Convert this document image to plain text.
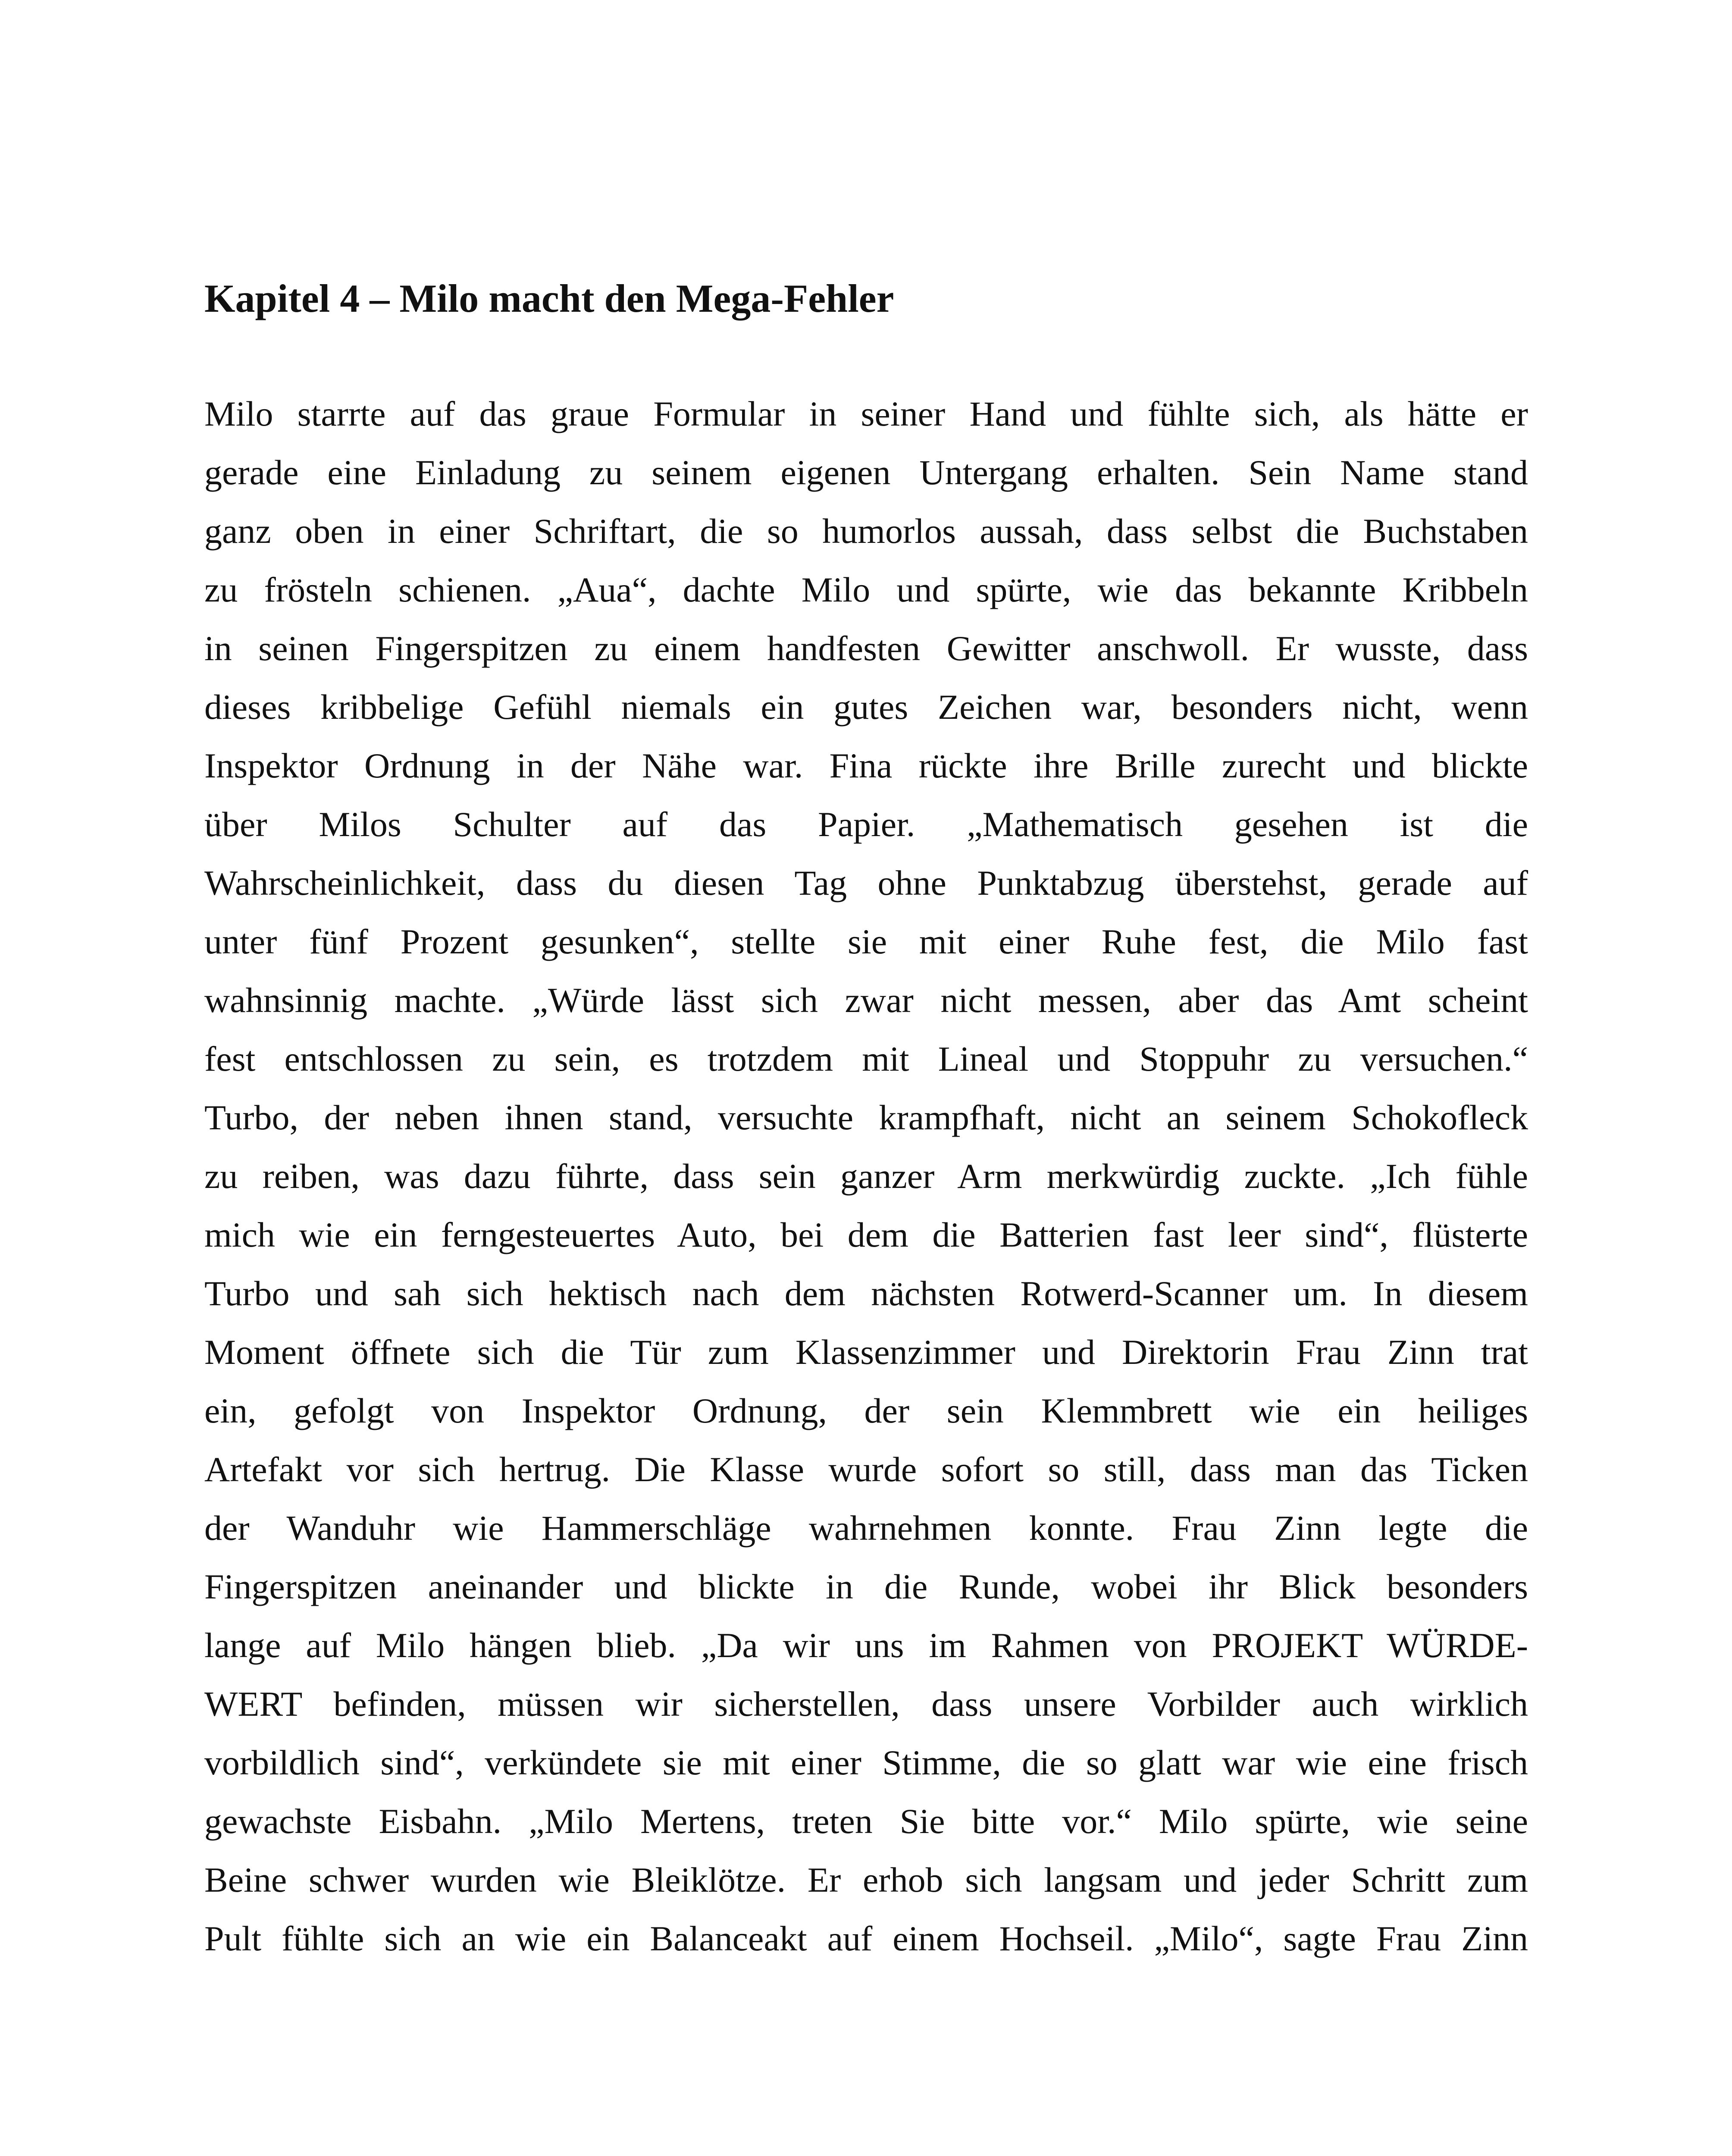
Kapitel 4 – Milo macht den Mega-Fehler
Milo starrte auf das graue Formular in seiner Hand und fühlte sich, als hätte er
gerade eine Einladung zu seinem eigenen Untergang erhalten. Sein Name stand
ganz oben in einer Schriftart, die so humorlos aussah, dass selbst die Buchstaben
zu frösteln schienen. „Aua“, dachte Milo und spürte, wie das bekannte Kribbeln
in seinen Fingerspitzen zu einem handfesten Gewitter anschwoll. Er wusste, dass
dieses kribbelige Gefühl niemals ein gutes Zeichen war, besonders nicht, wenn
Inspektor Ordnung in der Nähe war. Fina rückte ihre Brille zurecht und blickte
über Milos Schulter auf das Papier. „Mathematisch gesehen ist die
Wahrscheinlichkeit, dass du diesen Tag ohne Punktabzug überstehst, gerade auf
unter fünf Prozent gesunken“, stellte sie mit einer Ruhe fest, die Milo fast
wahnsinnig machte. „Würde lässt sich zwar nicht messen, aber das Amt scheint
fest entschlossen zu sein, es trotzdem mit Lineal und Stoppuhr zu versuchen.“
Turbo, der neben ihnen stand, versuchte krampfhaft, nicht an seinem Schokofleck
zu reiben, was dazu führte, dass sein ganzer Arm merkwürdig zuckte. „Ich fühle
mich wie ein ferngesteuertes Auto, bei dem die Batterien fast leer sind“, flüsterte
Turbo und sah sich hektisch nach dem nächsten Rotwerd-Scanner um. In diesem
Moment öffnete sich die Tür zum Klassenzimmer und Direktorin Frau Zinn trat
ein, gefolgt von Inspektor Ordnung, der sein Klemmbrett wie ein heiliges
Artefakt vor sich hertrug. Die Klasse wurde sofort so still, dass man das Ticken
der Wanduhr wie Hammerschläge wahrnehmen konnte. Frau Zinn legte die
Fingerspitzen aneinander und blickte in die Runde, wobei ihr Blick besonders
lange auf Milo hängen blieb. „Da wir uns im Rahmen von PROJEKT WÜRDE-
WERT befinden, müssen wir sicherstellen, dass unsere Vorbilder auch wirklich
vorbildlich sind“, verkündete sie mit einer Stimme, die so glatt war wie eine frisch
gewachste Eisbahn. „Milo Mertens, treten Sie bitte vor.“ Milo spürte, wie seine
Beine schwer wurden wie Bleiklötze. Er erhob sich langsam und jeder Schritt zum
Pult fühlte sich an wie ein Balanceakt auf einem Hochseil. „Milo“, sagte Frau Zinn
